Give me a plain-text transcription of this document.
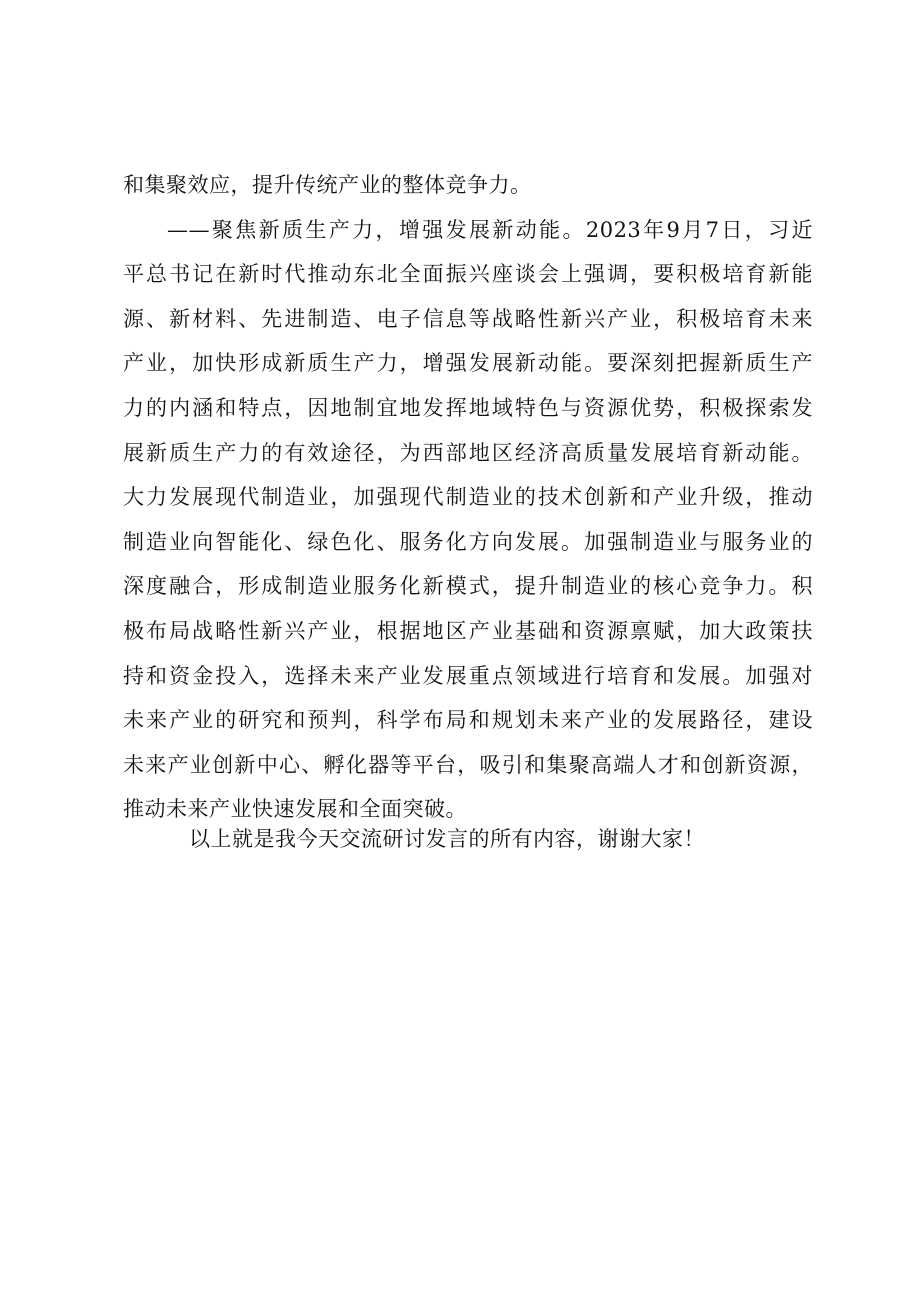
和集聚效应，提升传统产业的整体竞争力。

——聚焦新质生产力，增强发展新动能。2023年9月7日，习近
平总书记在新时代推动东北全面振兴座谈会上强调，要积极培育新能
源、新材料、先进制造、电子信息等战略性新兴产业，积极培育未来
产业，加快形成新质生产力，增强发展新动能。要深刻把握新质生产
力的内涵和特点，因地制宜地发挥地域特色与资源优势，积极探索发
展新质生产力的有效途径，为西部地区经济高质量发展培育新动能。
大力发展现代制造业，加强现代制造业的技术创新和产业升级，推动
制造业向智能化、绿色化、服务化方向发展。加强制造业与服务业的
深度融合，形成制造业服务化新模式，提升制造业的核心竞争力。积
极布局战略性新兴产业，根据地区产业基础和资源禀赋，加大政策扶
持和资金投入，选择未来产业发展重点领域进行培育和发展。加强对
未来产业的研究和预判，科学布局和规划未来产业的发展路径，建设
未来产业创新中心、孵化器等平台，吸引和集聚高端人才和创新资源，
推动未来产业快速发展和全面突破。

以上就是我今天交流研讨发言的所有内容，谢谢大家！
